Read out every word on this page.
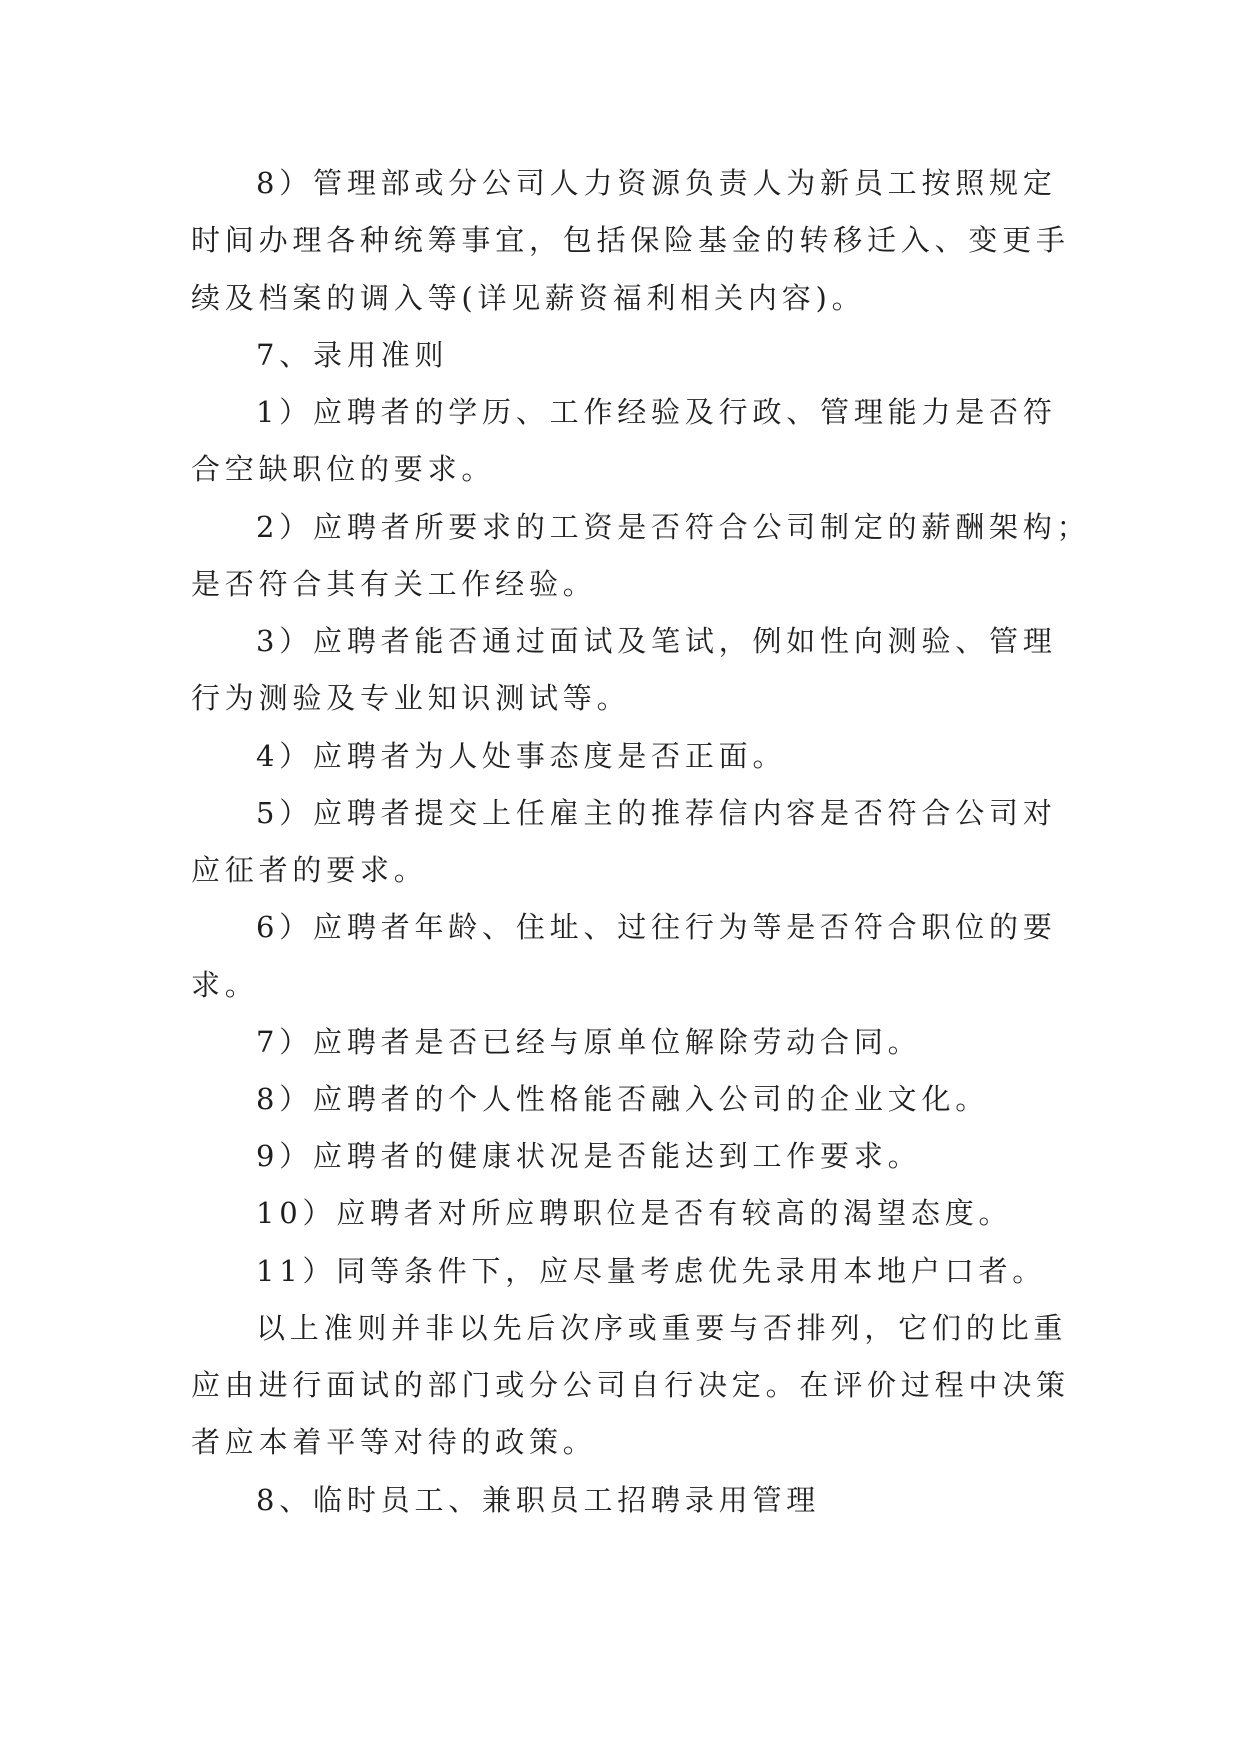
8）管理部或分公司人力资源负责人为新员工按照规定
时间办理各种统筹事宜，包括保险基金的转移迁入、变更手
续及档案的调入等(详见薪资福利相关内容)。
7、录用准则
1）应聘者的学历、工作经验及行政、管理能力是否符
合空缺职位的要求。
2）应聘者所要求的工资是否符合公司制定的薪酬架构；
是否符合其有关工作经验。
3）应聘者能否通过面试及笔试，例如性向测验、管理
行为测验及专业知识测试等。
4）应聘者为人处事态度是否正面。
5）应聘者提交上任雇主的推荐信内容是否符合公司对
应征者的要求。
6）应聘者年龄、住址、过往行为等是否符合职位的要
求。
7）应聘者是否已经与原单位解除劳动合同。
8）应聘者的个人性格能否融入公司的企业文化。
9）应聘者的健康状况是否能达到工作要求。
10）应聘者对所应聘职位是否有较高的渴望态度。
11）同等条件下，应尽量考虑优先录用本地户口者。
以上准则并非以先后次序或重要与否排列，它们的比重
应由进行面试的部门或分公司自行决定。在评价过程中决策
者应本着平等对待的政策。
8、临时员工、兼职员工招聘录用管理
